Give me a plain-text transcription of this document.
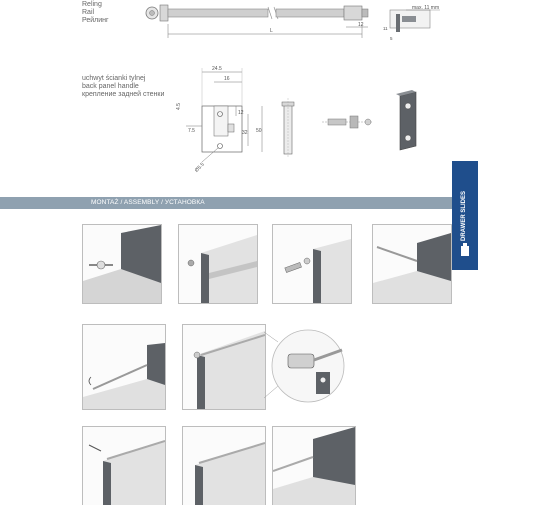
Reling
Rail
Рейлинг
L
12
max. 11 mm
11
5
uchwyt ścianki tylnej
back panel handle
крепление задней стенки
24.5
16
4.5
7.5
12
32 50
Ø5.5
MONTAŻ / ASSEMBLY / УСТАНОВКА	DRAWER SLIDES
